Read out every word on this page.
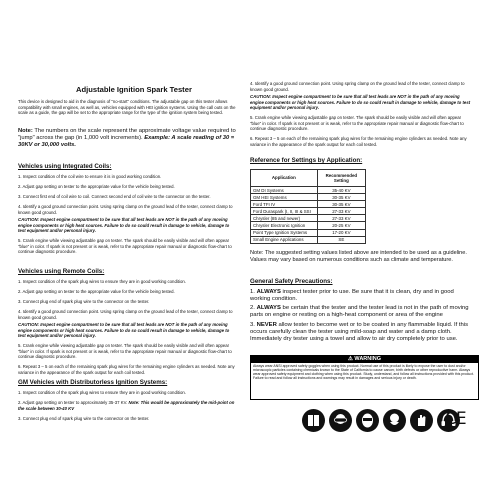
Adjustable Ignition Spark Tester

This device is designed to aid in the diagnosis of "no-start" conditions. The adjustable gap on this tester allows compatibility with small engines, as well as, vehicles equipped with HEI ignition systems. Using the call outs on the scale as a guide, the gap will be set to the appropriate range for the type of the ignition system being tested.

Note: The numbers on the scale represent the approximate voltage value required to "jump" across the gap (in 1,000 volt increments). Example: A scale reading of 30 = 30KV or 30,000 volts.

Vehicles using Integrated Coils:

1. Inspect condition of the coil wire to ensure it is in good working condition.

2. Adjust gap setting on tester to the appropriate value for the vehicle being tested.

3. Connect first end of coil wire to coil. Connect second end of coil wire to the connector on the tester.

4. Identify a good ground connection point. Using spring clamp on the ground lead of the tester, connect clamp to known good ground.

CAUTION: Inspect engine compartment to be sure that all test leads are NOT in the path of any moving engine components or high heat sources. Failure to do so could result in damage to vehicle, damage to test equipment and/or personal injury.

5. Crank engine while viewing adjustable gap on tester. The spark should be easily visible and will often appear "blue" in color. If spark is not present or is weak, refer to the appropriate repair manual or diagnostic flow-chart to continue diagnostic procedure.

Vehicles using Remote Coils:

1. Inspect condition of the spark plug wires to ensure they are in good working condition.

2. Adjust gap setting on tester to the appropriate value for the vehicle being tested.

3. Connect plug end of spark plug wire to the connector on the tester.

4. Identify a good ground connection point. Using spring clamp on the ground lead of the tester, connect clamp to known good ground.

CAUTION: Inspect engine compartment to be sure that all test leads are NOT in the path of any moving engine components or high heat sources. Failure to do so could result in damage to vehicle, damage to test equipment and/or personal injury.

5. Crank engine while viewing adjustable gap on tester. The spark should be easily visible and will often appear "blue" in color. If spark is not present or is weak, refer to the appropriate repair manual or diagnostic flow-chart to continue diagnostic procedure.

6. Repeat 3 – 5 on each of the remaining spark plug wires for the remaining engine cylinders as needed. Note any variance in the appearance of the spark output for each coil tested.

GM Vehicles with Distributorless Ignition Systems:

1. Inspect condition of the spark plug wires to ensure they are in good working condition.

2. Adjust gap setting on tester to approximately 35-37 KV. Note: This would be approximately the mid-point on the scale between 30-40 KV

3. Connect plug end of spark plug wire to the connector on the tester.

4. Identify a good ground connection point. Using spring clamp on the ground lead of the tester, connect clamp to known good ground.

CAUTION: Inspect engine compartment to be sure that all test leads are NOT in the path of any moving engine components or high heat sources. Failure to do so could result in damage to vehicle, damage to test equipment and/or personal injury.

5. Crank engine while viewing adjustable gap on tester. The spark should be easily visible and will often appear "blue" in color. If spark is not present or is weak, refer to the appropriate repair manual or diagnostic flow-chart to continue diagnostic procedure.

6. Repeat 3 – 5 on each of the remaining spark plug wires for the remaining engine cylinders as needed. Note any variance in the appearance of the spark output for each coil tested.

Reference for Settings by Application:
Application	Recommended Setting
GM DI Systems	35-40 KV
GM HEI Systems	30-35 KV
Ford TFI IV	30-35 KV
Ford Duraspark (I, II, III & SSI	27-33 KV
Chrysler (85 and newer)	27-33 KV
Chrysler Electronic Ignition	20-25 KV
Point Type Ignition Systems	17-20 KV
Small Engine Applications	SE

Note: The suggested setting values listed above are intended to be used as a guideline. Values may vary based on numerous conditions such as climate and temperature.

General Safety Precautions:

1. ALWAYS inspect tester prior to use. Be sure that it is clean, dry and in good working condition.

2. ALWAYS be certain that the tester and the tester lead is not in the path of moving parts on engine or resting on a high-heat component or area of the engine

3. NEVER allow tester to become wet or to be coated in any flammable liquid. If this occurs carefully clean the tester using mild-soap and water and a damp cloth. Immediately dry tester using a towel and allow to air dry completely prior to use.

⚠ WARNING
Always wear ANSI approved safety goggles when using this product. Normal use of this product is likely to expose the user to dust and/or microscopic particles containing chemicals known to the State of California to cause cancer, birth defects or other reproductive harm. Always wear approved safety equipment and clothing when using this product. Study, understand, and follow all instructions provided with this product. Failure to read and follow all instructions and warnings may result in damages and serious injury or death.
CE
